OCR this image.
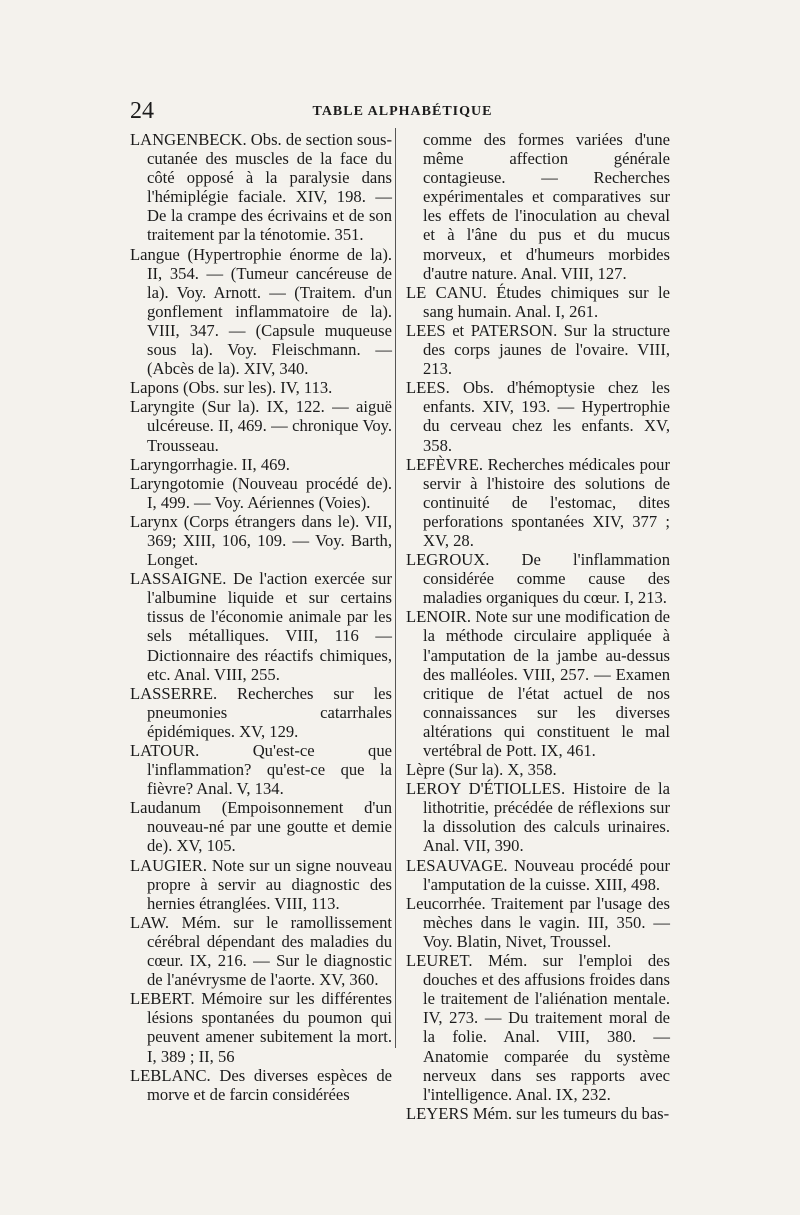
24	TABLE ALPHABÉTIQUE

LANGENBECK. Obs. de section sous-cutanée des muscles de la face du côté opposé à la paralysie dans l'hémiplégie faciale. XIV, 198. — De la crampe des écrivains et de son traitement par la ténotomie. 351.

Langue (Hypertrophie énorme de la). II, 354. — (Tumeur cancéreuse de la). Voy. Arnott. — (Traitem. d'un gonflement inflammatoire de la). VIII, 347. — (Capsule muqueuse sous la). Voy. Fleischmann. — (Abcès de la). XIV, 340.

Lapons (Obs. sur les). IV, 113.

Laryngite (Sur la). IX, 122. — aiguë ulcéreuse. II, 469. — chronique Voy. Trousseau.

Laryngorrhagie. II, 469.

Laryngotomie (Nouveau procédé de). I, 499. — Voy. Aériennes (Voies).

Larynx (Corps étrangers dans le). VII, 369; XIII, 106, 109. — Voy. Barth, Longet.

LASSAIGNE. De l'action exercée sur l'albumine liquide et sur certains tissus de l'économie animale par les sels métalliques. VIII, 116 — Dictionnaire des réactifs chimiques, etc. Anal. VIII, 255.

LASSERRE. Recherches sur les pneumonies catarrhales épidémiques. XV, 129.

LATOUR. Qu'est-ce que l'inflammation? qu'est-ce que la fièvre? Anal. V, 134.

Laudanum (Empoisonnement d'un nouveau-né par une goutte et demie de). XV, 105.

LAUGIER. Note sur un signe nouveau propre à servir au diagnostic des hernies étranglées. VIII, 113.

LAW. Mém. sur le ramollissement cérébral dépendant des maladies du cœur. IX, 216. — Sur le diagnostic de l'anévrysme de l'aorte. XV, 360.

LEBERT. Mémoire sur les différentes lésions spontanées du poumon qui peuvent amener subitement la mort. I, 389 ; II, 56

LEBLANC. Des diverses espèces de morve et de farcin considérées

comme des formes variées d'une même affection générale contagieuse. — Recherches expérimentales et comparatives sur les effets de l'inoculation au cheval et à l'âne du pus et du mucus morveux, et d'humeurs morbides d'autre nature. Anal. VIII, 127.

LE CANU. Études chimiques sur le sang humain. Anal. I, 261.

LEES et PATERSON. Sur la structure des corps jaunes de l'ovaire. VIII, 213.

LEES. Obs. d'hémoptysie chez les enfants. XIV, 193. — Hypertrophie du cerveau chez les enfants. XV, 358.

LEFÈVRE. Recherches médicales pour servir à l'histoire des solutions de continuité de l'estomac, dites perforations spontanées XIV, 377 ; XV, 28.

LEGROUX. De l'inflammation considérée comme cause des maladies organiques du cœur. I, 213.

LENOIR. Note sur une modification de la méthode circulaire appliquée à l'amputation de la jambe au-dessus des malléoles. VIII, 257. — Examen critique de l'état actuel de nos connaissances sur les diverses altérations qui constituent le mal vertébral de Pott. IX, 461.

Lèpre (Sur la). X, 358.

LEROY D'ÉTIOLLES. Histoire de la lithotritie, précédée de réflexions sur la dissolution des calculs urinaires. Anal. VII, 390.

LESAUVAGE. Nouveau procédé pour l'amputation de la cuisse. XIII, 498.

Leucorrhée. Traitement par l'usage des mèches dans le vagin. III, 350. — Voy. Blatin, Nivet, Troussel.

LEURET. Mém. sur l'emploi des douches et des affusions froides dans le traitement de l'aliénation mentale. IV, 273. — Du traitement moral de la folie. Anal. VIII, 380. — Anatomie comparée du système nerveux dans ses rapports avec l'intelligence. Anal. IX, 232.

LEYERS Mém. sur les tumeurs du bas-
